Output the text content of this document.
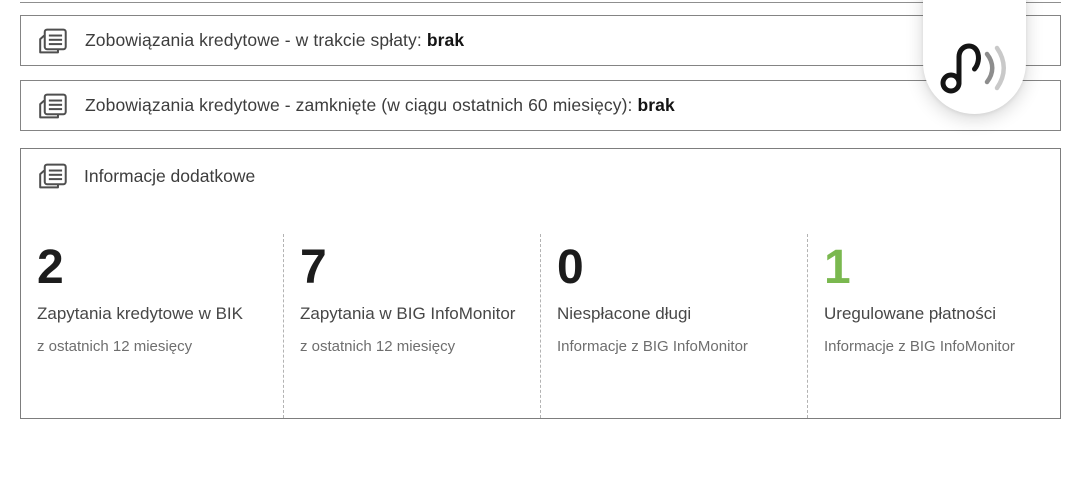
Zobowiązania kredytowe - w trakcie spłaty: brak
Zobowiązania kredytowe - zamknięte (w ciągu ostatnich 60 miesięcy): brak
Informacje dodatkowe
2
Zapytania kredytowe w BIK
z ostatnich 12 miesięcy
7
Zapytania w BIG InfoMonitor
z ostatnich 12 miesięcy
0
Niespłacone długi
Informacje z BIG InfoMonitor
1
Uregulowane płatności
Informacje z BIG InfoMonitor
